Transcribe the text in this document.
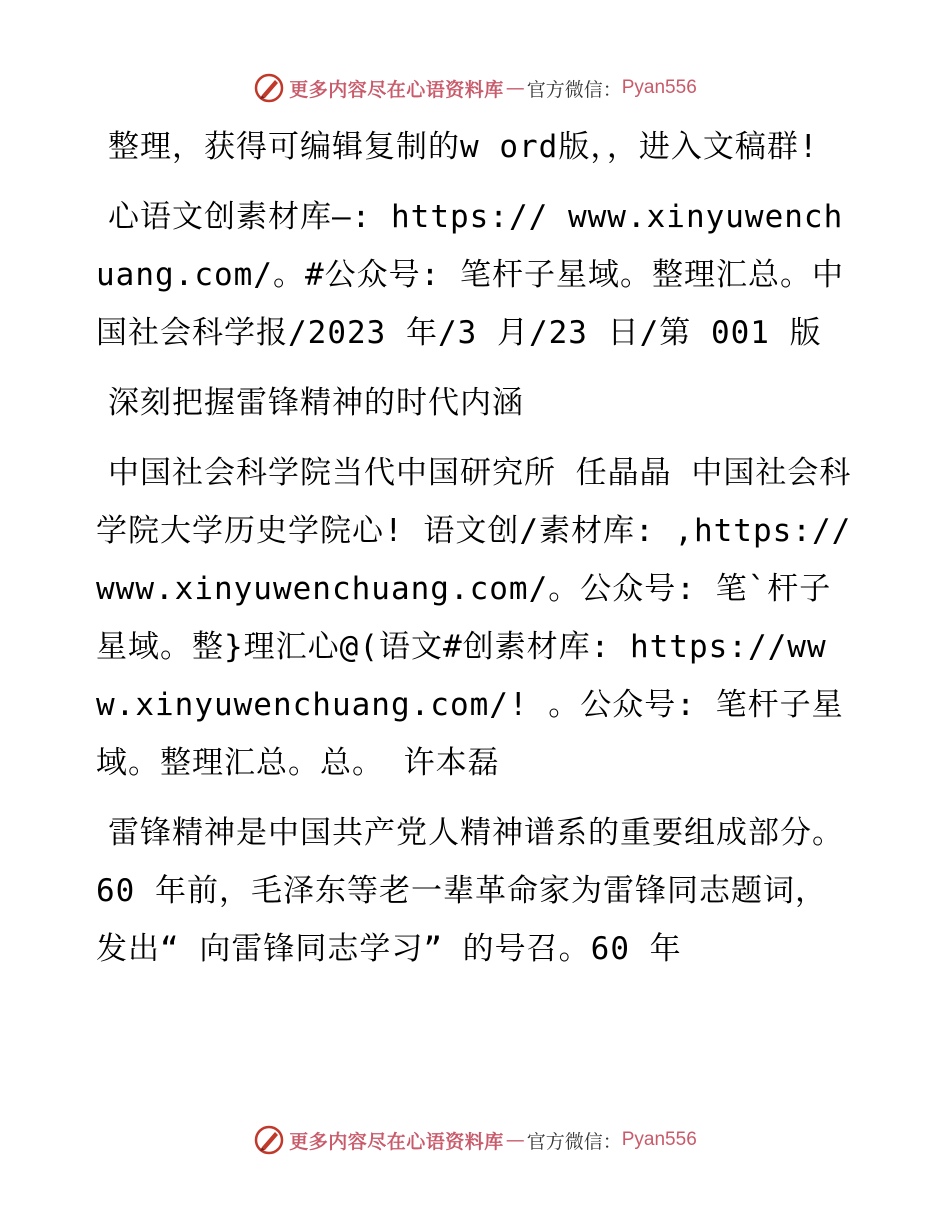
更多内容尽在心语资料库 — 官方微信： Pyan556

整理，获得可编辑复制的w ord版，，进入文稿群!

心语文创素材库—: https:// www.xinyuwenchuang.com/。#公众号: 笔杆子星域。整理汇总。中国社会科学报/2023 年/3 月/23 日/第 001 版

深刻把握雷锋精神的时代内涵

中国社会科学院当代中国研究所 任晶晶 中国社会科学院大学历史学院心! 语文创/素材库: ,https://www.xinyuwenchuang.com/。公众号: 笔`杆子星域。整}理汇心@(语文#创素材库: https://www.xinyuwenchuang.com/! 。公众号: 笔杆子星域。整理汇总。总。 许本磊

雷锋精神是中国共产党人精神谱系的重要组成部分。60 年前，毛泽东等老一辈革命家为雷锋同志题词，发出“ 向雷锋同志学习” 的号召。60 年

更多内容尽在心语资料库 — 官方微信： Pyan556
